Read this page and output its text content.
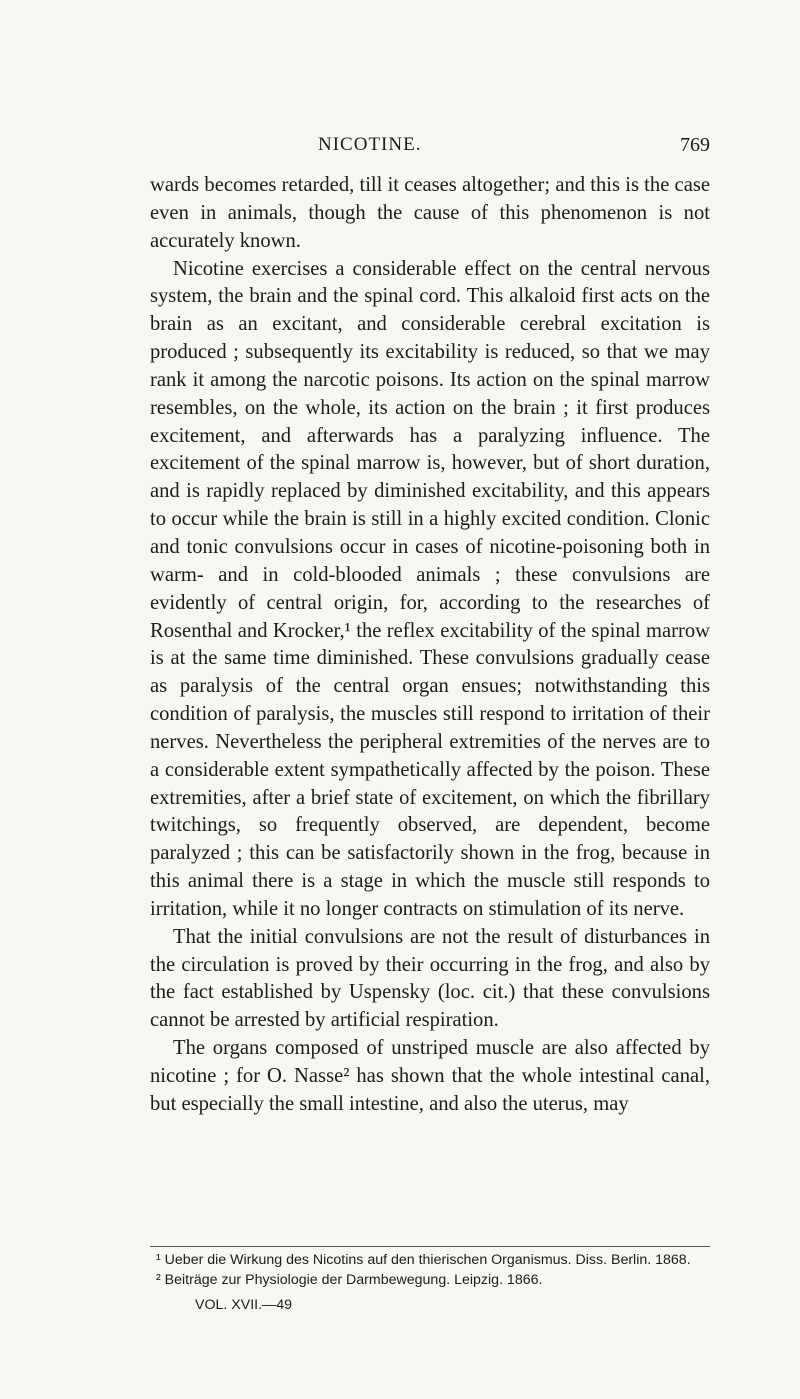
NICOTINE.	769

wards becomes retarded, till it ceases altogether; and this is the case even in animals, though the cause of this phenomenon is not accurately known.

Nicotine exercises a considerable effect on the central nervous system, the brain and the spinal cord. This alkaloid first acts on the brain as an excitant, and considerable cerebral excitation is produced ; subsequently its excitability is reduced, so that we may rank it among the narcotic poisons. Its action on the spinal marrow resembles, on the whole, its action on the brain ; it first produces excitement, and afterwards has a paralyzing influence. The excitement of the spinal marrow is, however, but of short duration, and is rapidly replaced by diminished excitability, and this appears to occur while the brain is still in a highly excited condition. Clonic and tonic convulsions occur in cases of nicotine-poisoning both in warm- and in cold-blooded animals ; these convulsions are evidently of central origin, for, according to the researches of Rosenthal and Krocker,¹ the reflex excitability of the spinal marrow is at the same time diminished. These convulsions gradually cease as paralysis of the central organ ensues; notwithstanding this condition of paralysis, the muscles still respond to irritation of their nerves. Nevertheless the peripheral extremities of the nerves are to a considerable extent sympathetically affected by the poison. These extremities, after a brief state of excitement, on which the fibrillary twitchings, so frequently observed, are dependent, become paralyzed ; this can be satisfactorily shown in the frog, because in this animal there is a stage in which the muscle still responds to irritation, while it no longer contracts on stimulation of its nerve.

That the initial convulsions are not the result of disturbances in the circulation is proved by their occurring in the frog, and also by the fact established by Uspensky (loc. cit.) that these convulsions cannot be arrested by artificial respiration.

The organs composed of unstriped muscle are also affected by nicotine ; for O. Nasse² has shown that the whole intestinal canal, but especially the small intestine, and also the uterus, may

¹ Ueber die Wirkung des Nicotins auf den thierischen Organismus. Diss. Berlin. 1868.

² Beiträge zur Physiologie der Darmbewegung. Leipzig. 1866.

VOL. XVII.—49
